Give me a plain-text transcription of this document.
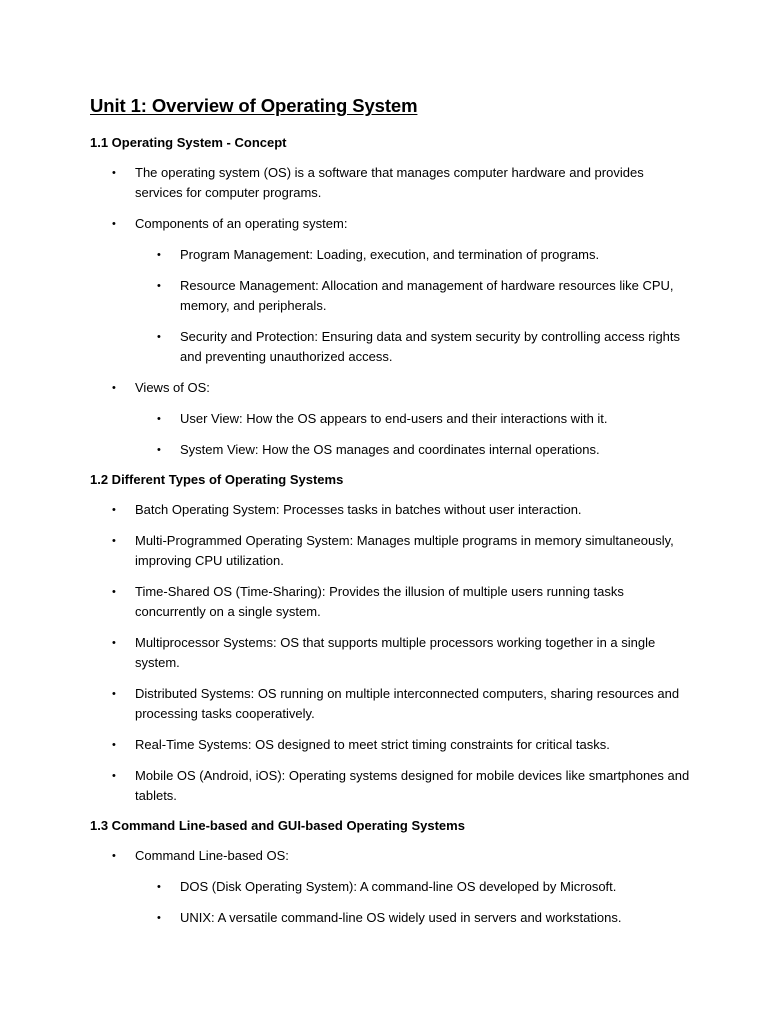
Unit 1: Overview of Operating System
1.1 Operating System - Concept
• The operating system (OS) is a software that manages computer hardware and provides services for computer programs.
• Components of an operating system:
• Program Management: Loading, execution, and termination of programs.
• Resource Management: Allocation and management of hardware resources like CPU, memory, and peripherals.
• Security and Protection: Ensuring data and system security by controlling access rights and preventing unauthorized access.
• Views of OS:
• User View: How the OS appears to end-users and their interactions with it.
• System View: How the OS manages and coordinates internal operations.
1.2 Different Types of Operating Systems
• Batch Operating System: Processes tasks in batches without user interaction.
• Multi-Programmed Operating System: Manages multiple programs in memory simultaneously, improving CPU utilization.
• Time-Shared OS (Time-Sharing): Provides the illusion of multiple users running tasks concurrently on a single system.
• Multiprocessor Systems: OS that supports multiple processors working together in a single system.
• Distributed Systems: OS running on multiple interconnected computers, sharing resources and processing tasks cooperatively.
• Real-Time Systems: OS designed to meet strict timing constraints for critical tasks.
• Mobile OS (Android, iOS): Operating systems designed for mobile devices like smartphones and tablets.
1.3 Command Line-based and GUI-based Operating Systems
• Command Line-based OS:
• DOS (Disk Operating System): A command-line OS developed by Microsoft.
• UNIX: A versatile command-line OS widely used in servers and workstations.
